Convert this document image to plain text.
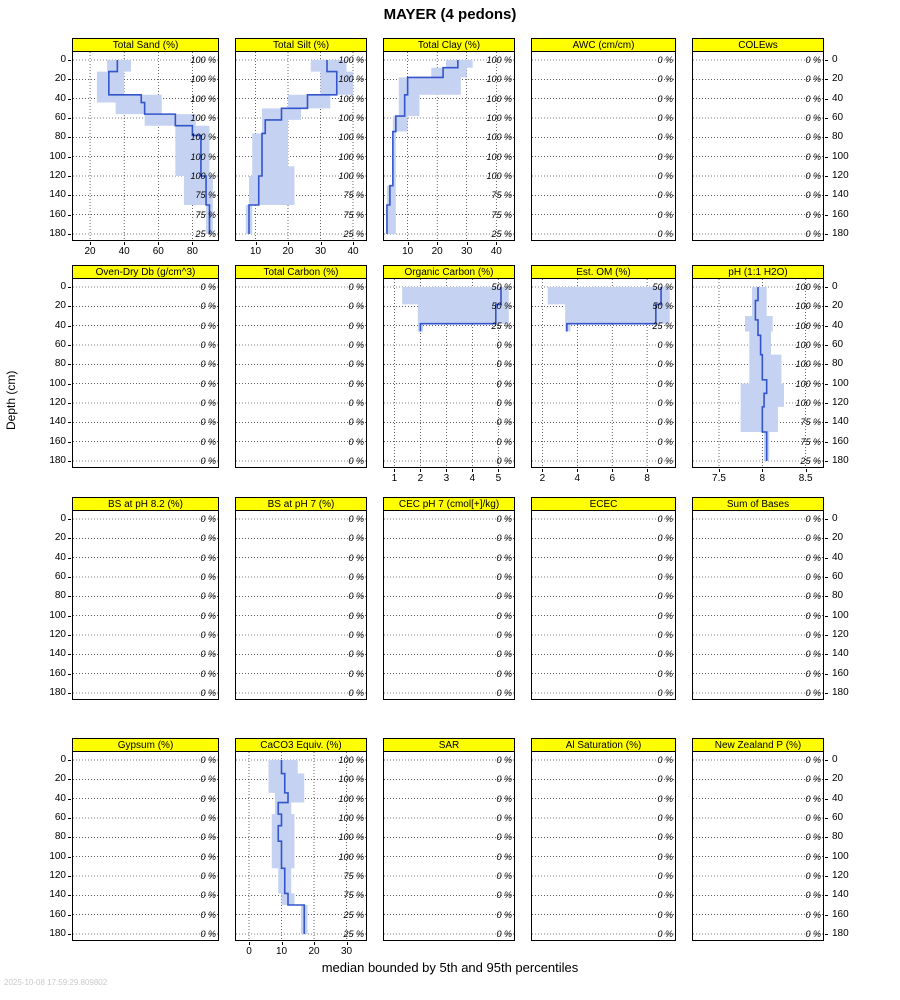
MAYER (4 pedons)
Depth (cm)
median bounded by 5th and 95th percentiles
2025-10-08 17:59:29.809802
Total Sand (%)
100 %
100 %
100 %
100 %
100 %
100 %
100 %
75 %
75 %
25 %
20	40	60	80
Total Silt (%)
100 %
100 %
100 %
100 %
100 %
100 %
100 %
75 %
75 %
25 %
10	20	30	40
Total Clay (%)
100 %
100 %
100 %
100 %
100 %
100 %
100 %
75 %
75 %
25 %
10	20	30	40
AWC (cm/cm)
0 %
0 %
0 %
0 %
0 %
0 %
0 %
0 %
0 %
0 %
COLEws
0 %
0 %
0 %
0 %
0 %
0 %
0 %
0 %
0 %
0 %
Oven-Dry Db (g/cm^3)
0 %
0 %
0 %
0 %
0 %
0 %
0 %
0 %
0 %
0 %
Total Carbon (%)
0 %
0 %
0 %
0 %
0 %
0 %
0 %
0 %
0 %
0 %
Organic Carbon (%)
50 %
50 %
25 %
0 %
0 %
0 %
0 %
0 %
0 %
0 %
1	2	3	4	5
Est. OM (%)
50 %
50 %
25 %
0 %
0 %
0 %
0 %
0 %
0 %
0 %
2	4	6	8
pH (1:1 H2O)
100 %
100 %
100 %
100 %
100 %
100 %
100 %
75 %
75 %
25 %
7.5	8	8.5
BS at pH 8.2 (%)
0 %
0 %
0 %
0 %
0 %
0 %
0 %
0 %
0 %
0 %
BS at pH 7 (%)
0 %
0 %
0 %
0 %
0 %
0 %
0 %
0 %
0 %
0 %
CEC pH 7 (cmol[+]/kg)
0 %
0 %
0 %
0 %
0 %
0 %
0 %
0 %
0 %
0 %
ECEC
0 %
0 %
0 %
0 %
0 %
0 %
0 %
0 %
0 %
0 %
Sum of Bases
0 %
0 %
0 %
0 %
0 %
0 %
0 %
0 %
0 %
0 %
Gypsum (%)
0 %
0 %
0 %
0 %
0 %
0 %
0 %
0 %
0 %
0 %
CaCO3 Equiv. (%)
100 %
100 %
100 %
100 %
100 %
100 %
75 %
75 %
25 %
25 %
0	10	20	30
SAR
0 %
0 %
0 %
0 %
0 %
0 %
0 %
0 %
0 %
0 %
Al Saturation (%)
0 %
0 %
0 %
0 %
0 %
0 %
0 %
0 %
0 %
0 %
New Zealand P (%)
0 %
0 %
0 %
0 %
0 %
0 %
0 %
0 %
0 %
0 %
0	0
20	20
40	40
60	60
80	80
100	100
120	120
140	140
160	160
180	180
0	0
20	20
40	40
60	60
80	80
100	100
120	120
140	140
160	160
180	180
0	0
20	20
40	40
60	60
80	80
100	100
120	120
140	140
160	160
180	180
0	0
20	20
40	40
60	60
80	80
100	100
120	120
140	140
160	160
180	180
